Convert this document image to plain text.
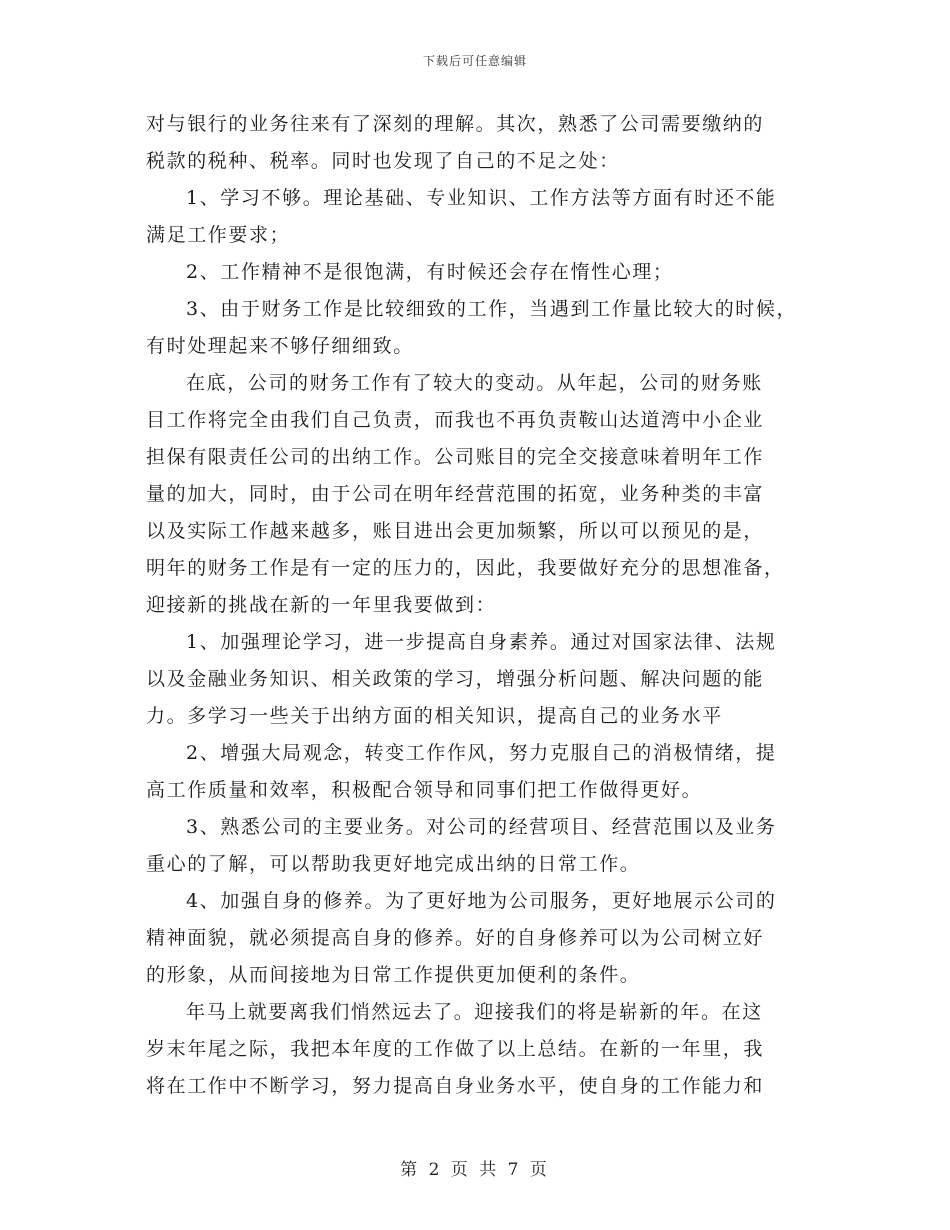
下载后可任意编辑
对与银行的业务往来有了深刻的理解。其次，熟悉了公司需要缴纳的
税款的税种、税率。同时也发现了自己的不足之处：
1、学习不够。理论基础、专业知识、工作方法等方面有时还不能
满足工作要求；
2、工作精神不是很饱满，有时候还会存在惰性心理；
3、由于财务工作是比较细致的工作，当遇到工作量比较大的时候，
有时处理起来不够仔细细致。
在底，公司的财务工作有了较大的变动。从年起，公司的财务账
目工作将完全由我们自己负责，而我也不再负责鞍山达道湾中小企业
担保有限责任公司的出纳工作。公司账目的完全交接意味着明年工作
量的加大，同时，由于公司在明年经营范围的拓宽，业务种类的丰富
以及实际工作越来越多，账目进出会更加频繁，所以可以预见的是，
明年的财务工作是有一定的压力的，因此，我要做好充分的思想准备，
迎接新的挑战在新的一年里我要做到：
1、加强理论学习，进一步提高自身素养。通过对国家法律、法规
以及金融业务知识、相关政策的学习，增强分析问题、解决问题的能
力。多学习一些关于出纳方面的相关知识，提高自己的业务水平
2、增强大局观念，转变工作作风，努力克服自己的消极情绪，提
高工作质量和效率，积极配合领导和同事们把工作做得更好。
3、熟悉公司的主要业务。对公司的经营项目、经营范围以及业务
重心的了解，可以帮助我更好地完成出纳的日常工作。
4、加强自身的修养。为了更好地为公司服务，更好地展示公司的
精神面貌，就必须提高自身的修养。好的自身修养可以为公司树立好
的形象，从而间接地为日常工作提供更加便利的条件。
年马上就要离我们悄然远去了。迎接我们的将是崭新的年。在这
岁末年尾之际，我把本年度的工作做了以上总结。在新的一年里，我
将在工作中不断学习，努力提高自身业务水平，使自身的工作能力和
第 2 页 共 7 页
